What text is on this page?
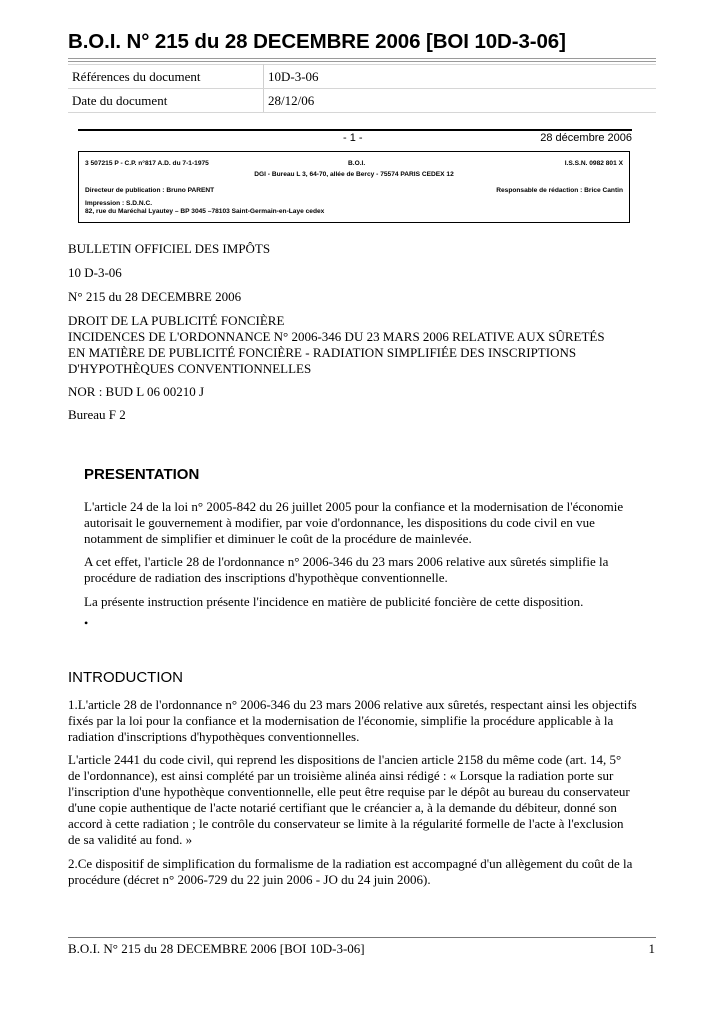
B.O.I. N° 215 du 28 DECEMBRE 2006 [BOI 10D-3-06]
Références du document	10D-3-06
Date du document	28/12/06
- 1 -	28 décembre 2006
3 507215 P - C.P. n°817 A.D. du 7-1-1975	B.O.I.	I.S.S.N. 0982 801 X
DGI - Bureau L 3, 64-70, allée de Bercy - 75574 PARIS CEDEX 12
Directeur de publication : Bruno PARENT	Responsable de rédaction : Brice Cantin
Impression : S.D.N.C.
82, rue du Maréchal Lyautey – BP 3045 –78103 Saint-Germain-en-Laye cedex
BULLETIN OFFICIEL DES IMPÔTS
10 D-3-06
N° 215 du 28 DECEMBRE 2006
DROIT DE LA PUBLICITÉ FONCIÈRE
INCIDENCES DE L'ORDONNANCE N° 2006-346 DU 23 MARS 2006 RELATIVE AUX SÛRETÉS
EN MATIÈRE DE PUBLICITÉ FONCIÈRE - RADIATION SIMPLIFIÉE DES INSCRIPTIONS
D'HYPOTHÈQUES CONVENTIONNELLES
NOR : BUD L 06 00210 J
Bureau F 2
PRESENTATION
L'article 24 de la loi n° 2005-842 du 26 juillet 2005 pour la confiance et la modernisation de l'économie
autorisait le gouvernement à modifier, par voie d'ordonnance, les dispositions du code civil en vue
notamment de simplifier et diminuer le coût de la procédure de mainlevée.
A cet effet, l'article 28 de l'ordonnance n° 2006-346 du 23 mars 2006 relative aux sûretés simplifie la
procédure de radiation des inscriptions d'hypothèque conventionnelle.
La présente instruction présente l'incidence en matière de publicité foncière de cette disposition.
•
INTRODUCTION
1.L'article 28 de l'ordonnance n° 2006-346 du 23 mars 2006 relative aux sûretés, respectant ainsi les objectifs
fixés par la loi pour la confiance et la modernisation de l'économie, simplifie la procédure applicable à la
radiation d'inscriptions d'hypothèques conventionnelles.
L'article 2441 du code civil, qui reprend les dispositions de l'ancien article 2158 du même code (art. 14, 5°
de l'ordonnance), est ainsi complété par un troisième alinéa ainsi rédigé : « Lorsque la radiation porte sur
l'inscription d'une hypothèque conventionnelle, elle peut être requise par le dépôt au bureau du conservateur
d'une copie authentique de l'acte notarié certifiant que le créancier a, à la demande du débiteur, donné son
accord à cette radiation ; le contrôle du conservateur se limite à la régularité formelle de l'acte à l'exclusion
de sa validité au fond. »
2.Ce dispositif de simplification du formalisme de la radiation est accompagné d'un allègement du coût de la
procédure (décret n° 2006-729 du 22 juin 2006 - JO du 24 juin 2006).
B.O.I. N° 215 du 28 DECEMBRE 2006 [BOI 10D-3-06]	1
